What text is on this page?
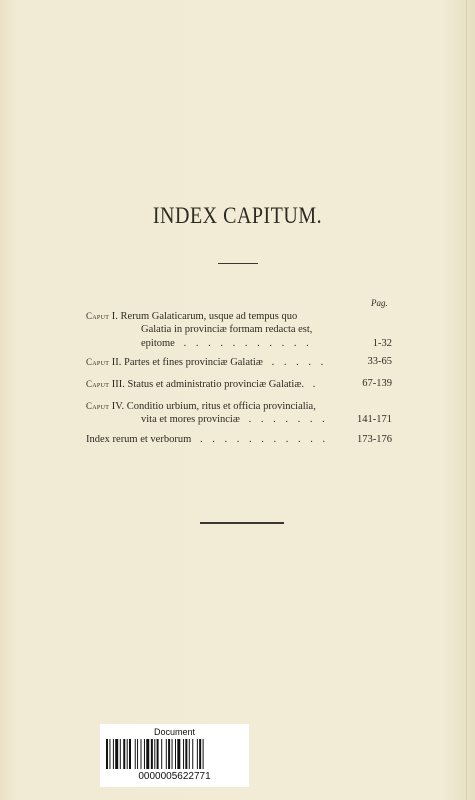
INDEX CAPITUM.
Pag.
Caput I. Rerum Galaticarum, usque ad tempus quo
Galatia in provinciæ formam redacta est,
epitome  . . . . . . . . . . .	1-32
Caput II. Partes et fines provinciæ Galatiæ  . . . . .	33-65
Caput III. Status et administratio provinciæ Galatiæ.  .	67-139
Caput IV. Conditio urbium, ritus et officia provincialia,
vita et mores provinciæ  . . . . . . .	141-171
Index rerum et verborum  . . . . . . . . . . .	173-176
Document
0000005622771
